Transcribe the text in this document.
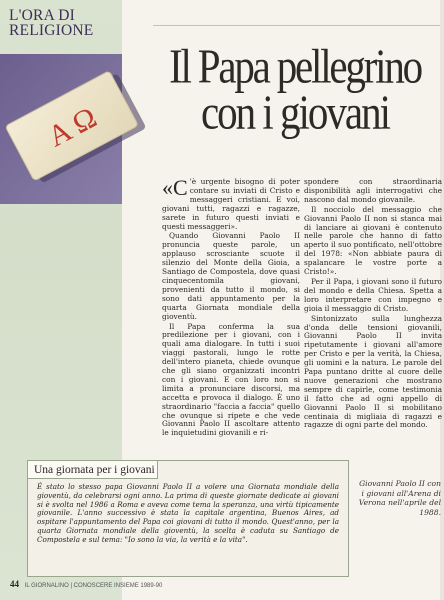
L'ORA DI
RELIGIONE
A Ω
Il Papa pellegrino
con i giovani

«C 'è urgente bisogno di poter contare su inviati di Cristo e messaggeri cristiani. E voi, giovani tutti, ragazzi e ragazze, sarete in futuro questi inviati e questi messaggeri».

Quando Giovanni Paolo II pronuncia queste parole, un applauso scrosciante scuote il silenzio del Monte della Gioia, a Santiago de Compostela, dove quasi cinquecentomila giovani, provenienti da tutto il mondo, si sono dati appuntamento per la quarta Giornata mondiale della gioventù.

Il Papa conferma la sua predilezione per i giovani, con i quali ama dialogare. In tutti i suoi viaggi pastorali, lungo le rotte dell'intero pianeta, chiede ovunque che gli siano organizzati incontri con i giovani. E con loro non si limita a pronunciare discorsi, ma accetta e provoca il dialogo. È uno straordinario "faccia a faccia" quello che ovunque si ripete e che vede Giovanni Paolo II ascoltare attento le inquietudini giovanili e ri-

spondere con straordinaria disponibilità agli interrogativi che nascono dal mondo giovanile.

Il nocciolo del messaggio che Giovanni Paolo II non si stanca mai di lanciare ai giovani è contenuto nelle parole che hanno di fatto aperto il suo pontificato, nell'ottobre del 1978: «Non abbiate paura di spalancare le vostre porte a Cristo!».

Per il Papa, i giovani sono il futuro del mondo e della Chiesa. Spetta a loro interpretare con impegno e gioia il messaggio di Cristo.

Sintonizzato sulla lunghezza d'onda delle tensioni giovanili, Giovanni Paolo II invita ripetutamente i giovani all'amore per Cristo e per la verità, la Chiesa, gli uomini e la natura. Le parole del Papa puntano dritte al cuore delle nuove generazioni che mostrano sempre di capirle, come testimonia il fatto che ad ogni appello di Giovanni Paolo II si mobilitano centinaia di migliaia di ragazzi e ragazze di ogni parte del mondo.

Una giornata per i giovani
È stato lo stesso papa Giovanni Paolo II a volere una Giornata mondiale della gioventù, da celebrarsi ogni anno. La prima di queste giornate dedicate ai giovani si è svolta nel 1986 a Roma e aveva come tema la speranza, una virtù tipicamente giovanile. L'anno successivo è stata la capitale argentina, Buenos Aires, ad ospitare l'appuntamento del Papa coi giovani di tutto il mondo. Quest'anno, per la quarta Giornata mondiale della gioventù, la scelta è caduta su Santiago de Compostela e sul tema: "Io sono la via, la verità e la vita".
Giovanni Paolo II con i giovani all'Arena di Verona nell'aprile del 1988.
44 IL GIORNALINO | CONOSCERE INSIEME 1989-90
